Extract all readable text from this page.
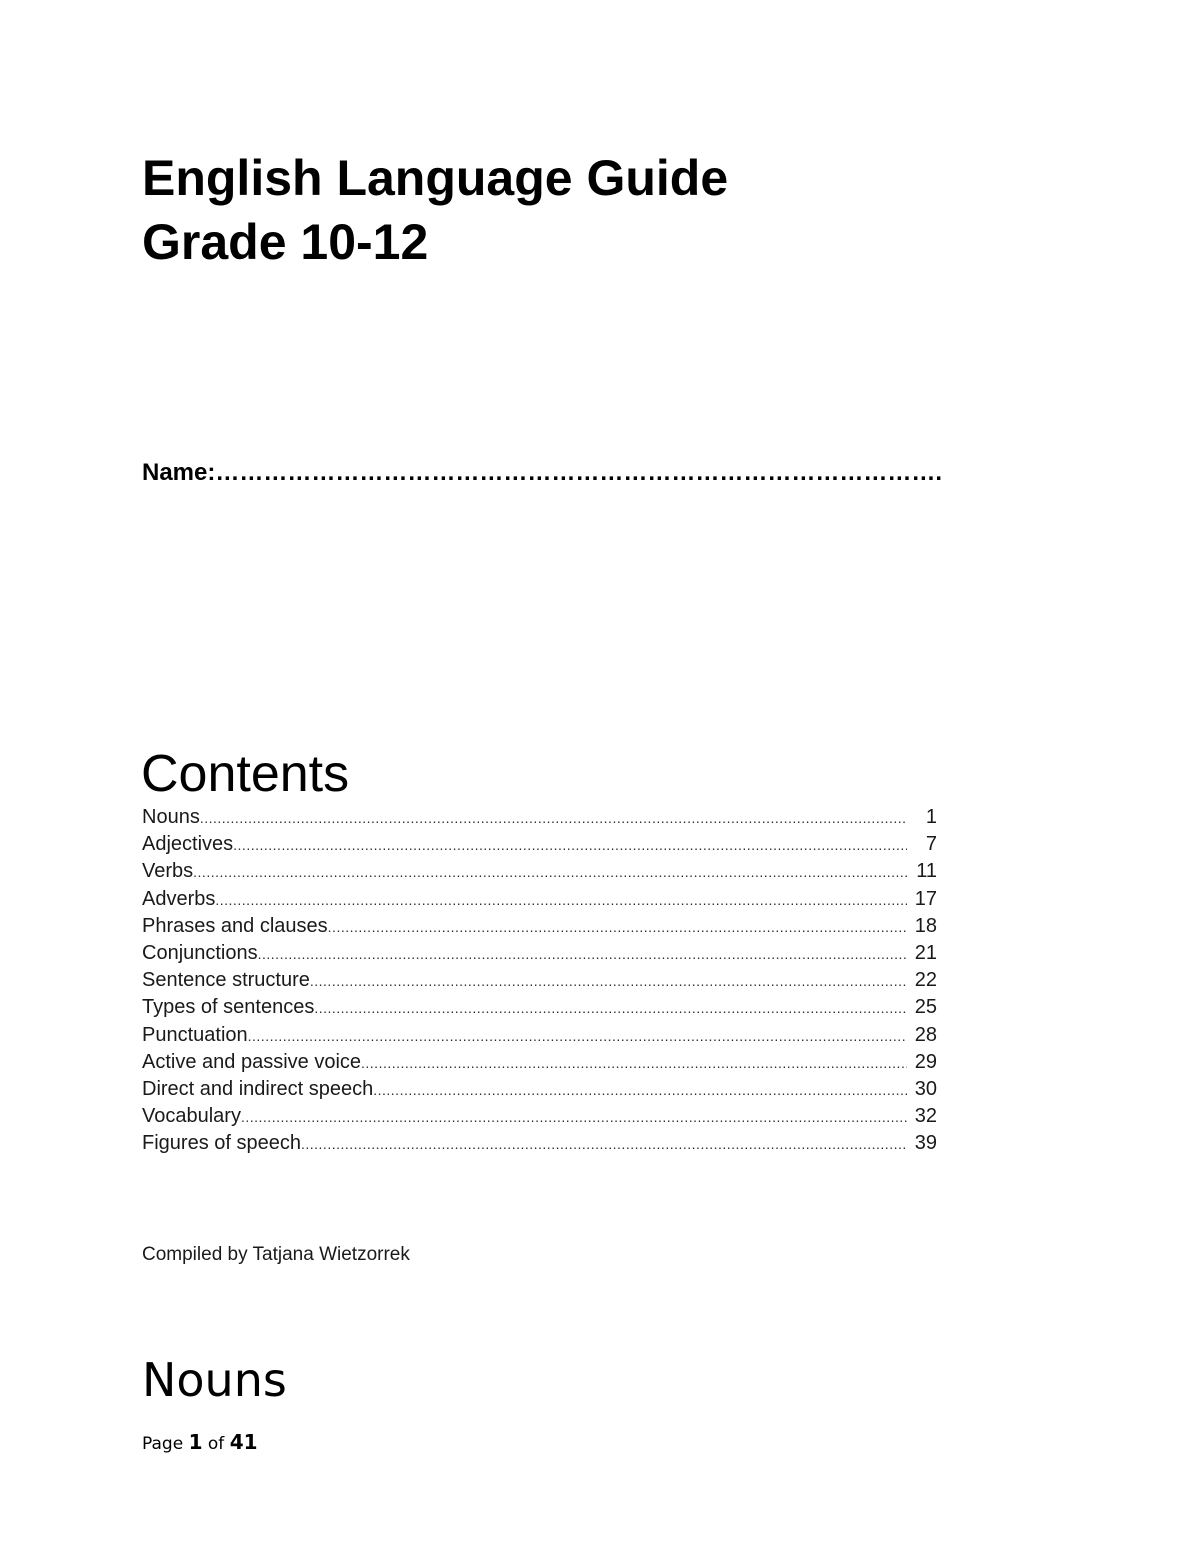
English Language Guide
Grade 10-12
Name:……………………………………………………………………………….
Contents
Nouns .....	1
Adjectives .....	7
Verbs .....	11
Adverbs .....	17
Phrases and clauses .....	18
Conjunctions .....	21
Sentence structure .....	22
Types of sentences .....	25
Punctuation .....	28
Active and passive voice .....	29
Direct and indirect speech .....	30
Vocabulary .....	32
Figures of speech .....	39
Compiled by Tatjana Wietzorrek
Nouns
Page 1 of 41
